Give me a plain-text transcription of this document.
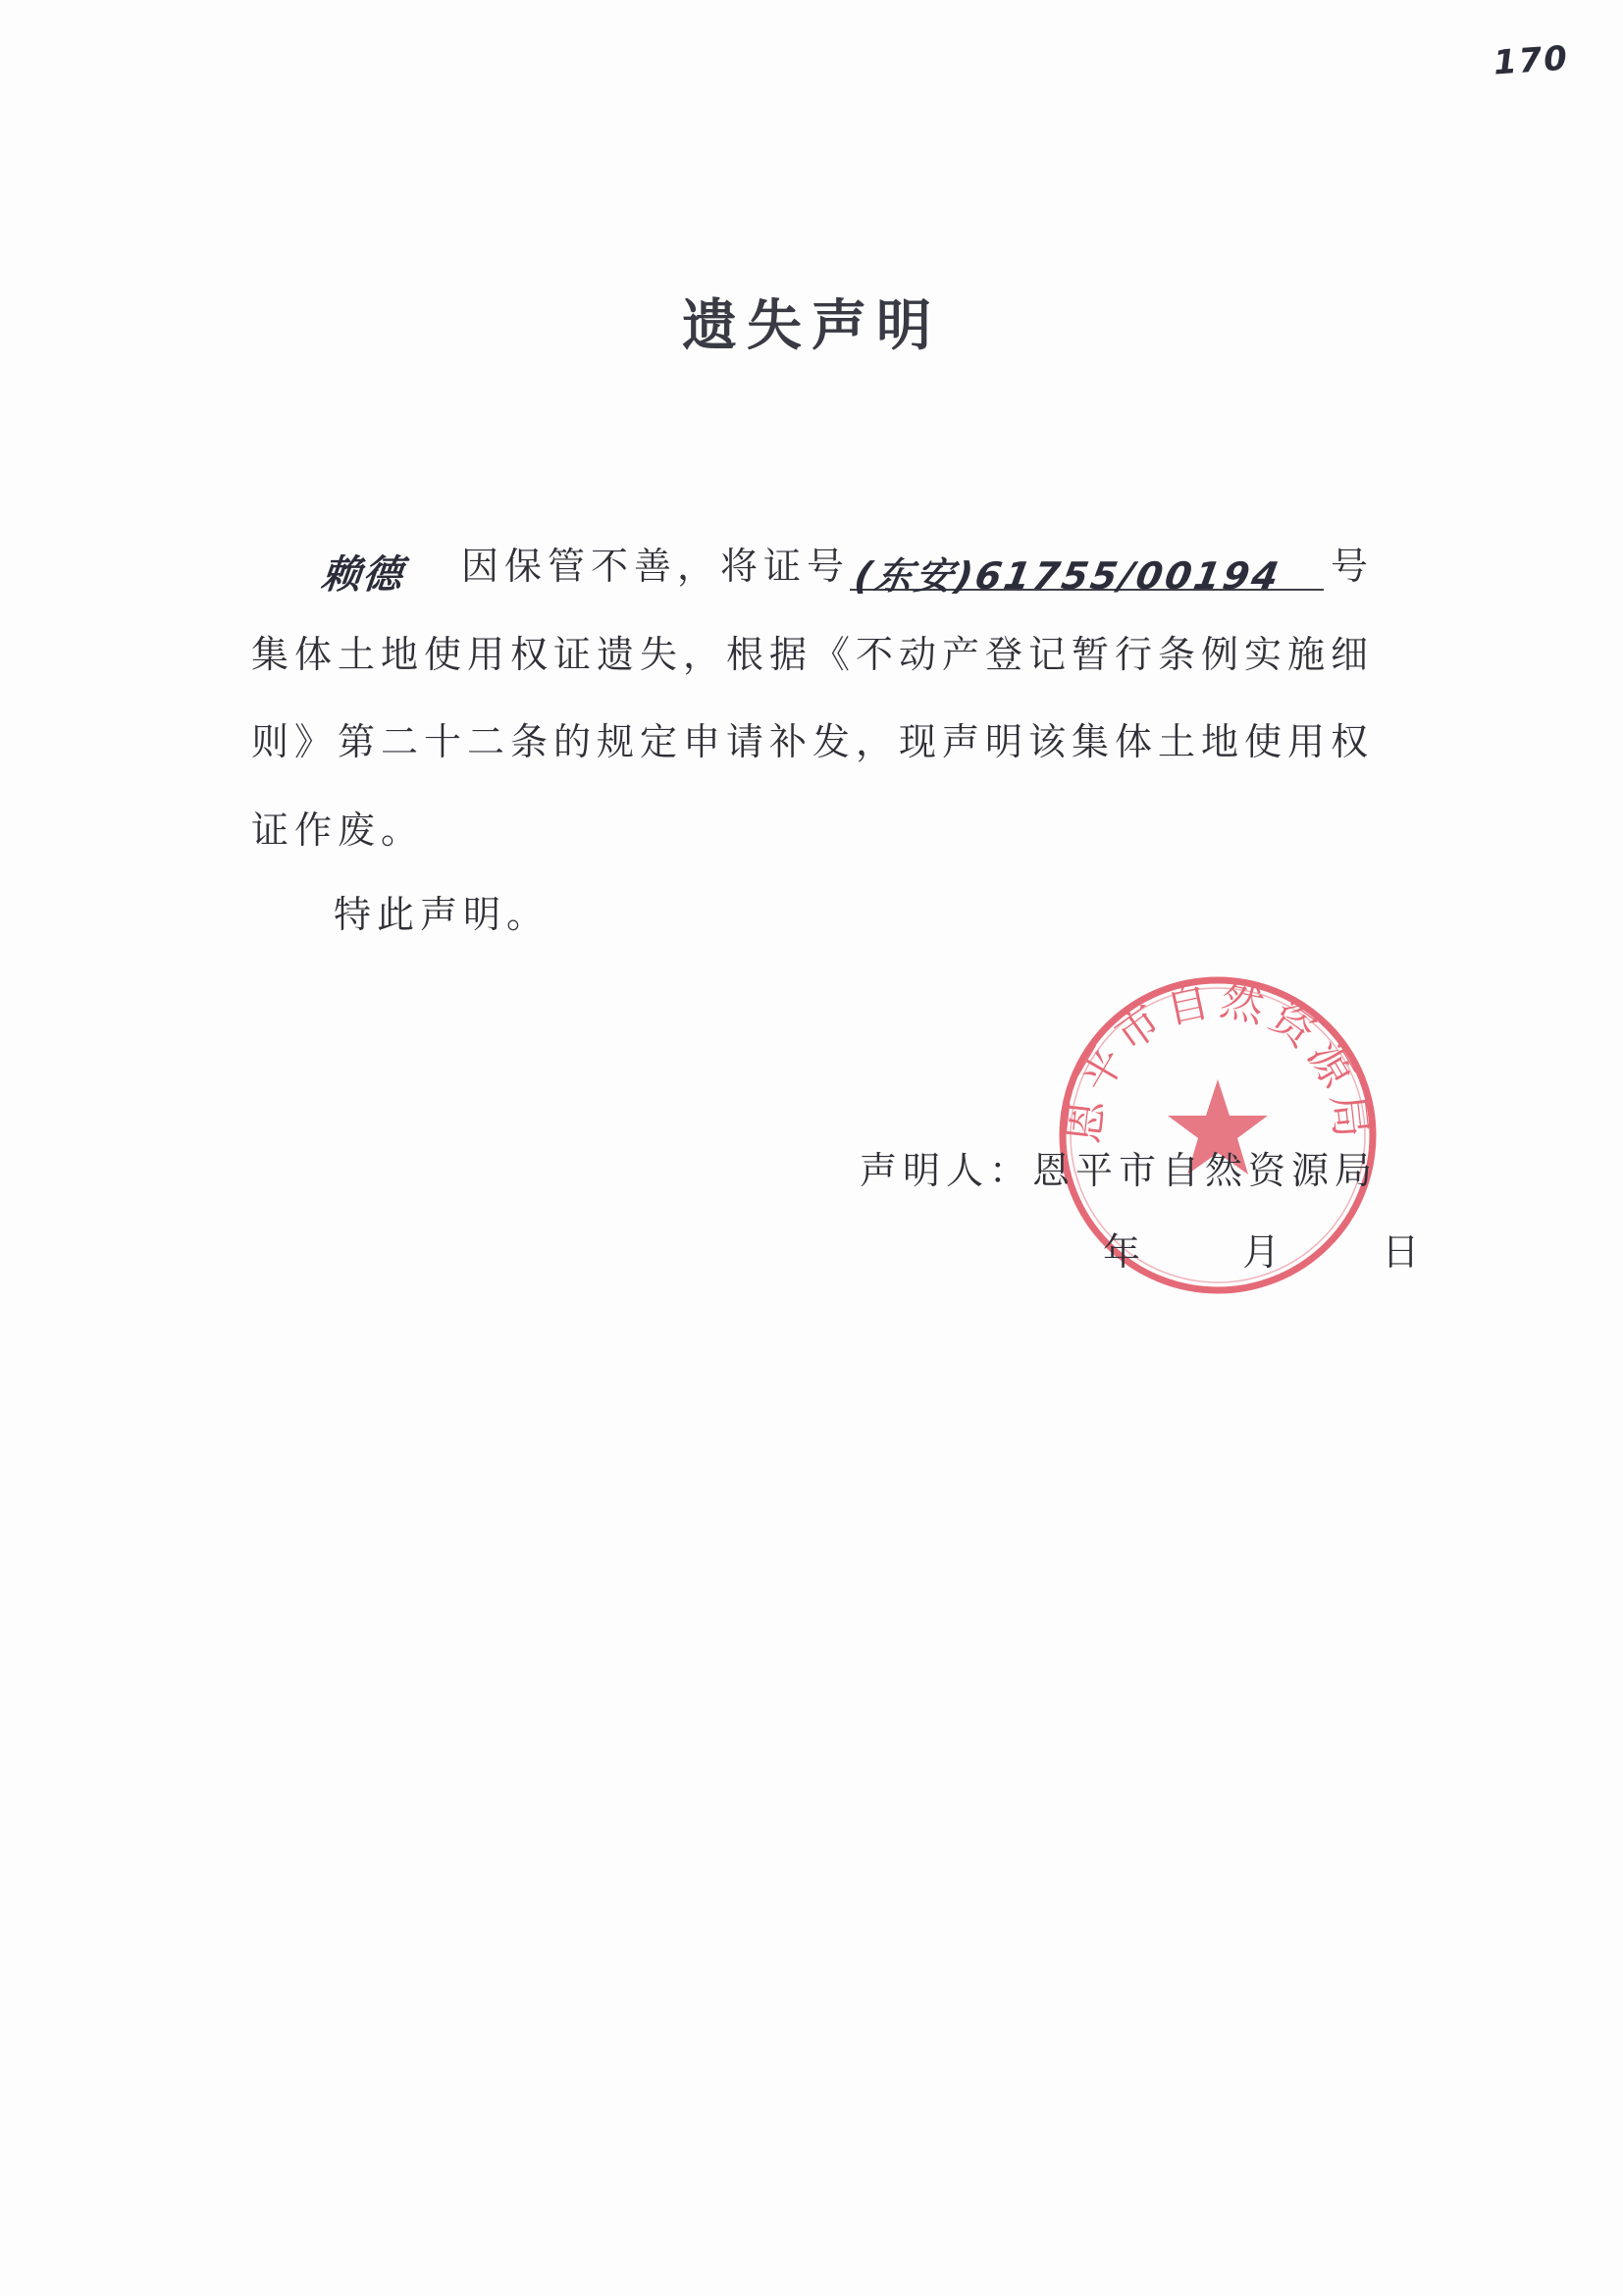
170
遗失声明
赖德 因保管不善，将证号 (东安)61755/00194 号
集体土地使用权证遗失，根据《不动产登记暂行条例实施细
则》第二十二条的规定申请补发，现声明该集体土地使用权
证作废。
特此声明。
恩平市自然资源局
声明人：恩平市自然资源局
年	月	日
